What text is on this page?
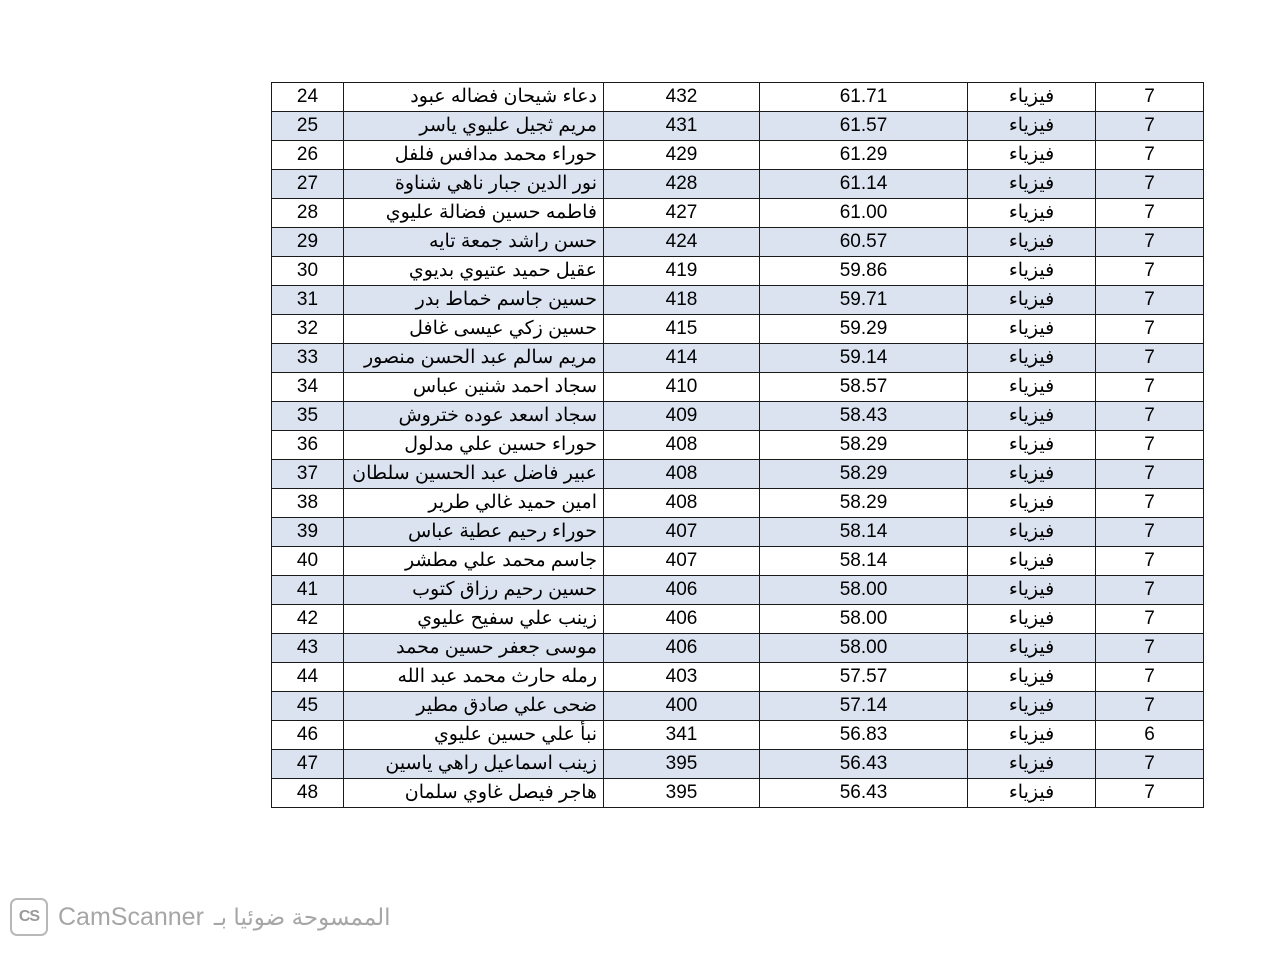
7	فيزياء	61.71	432	دعاء شيحان فضاله عبود	24
7	فيزياء	61.57	431	مريم ثجيل عليوي ياسر	25
7	فيزياء	61.29	429	حوراء محمد مدافس فلفل	26
7	فيزياء	61.14	428	نور الدين جبار ناهي شناوة	27
7	فيزياء	61.00	427	فاطمه حسين فضالة عليوي	28
7	فيزياء	60.57	424	حسن راشد جمعة تايه	29
7	فيزياء	59.86	419	عقيل حميد عتيوي بديوي	30
7	فيزياء	59.71	418	حسين جاسم خماط بدر	31
7	فيزياء	59.29	415	حسين زكي عيسى غافل	32
7	فيزياء	59.14	414	مريم سالم عبد الحسن منصور	33
7	فيزياء	58.57	410	سجاد احمد شنين عباس	34
7	فيزياء	58.43	409	سجاد اسعد عوده ختروش	35
7	فيزياء	58.29	408	حوراء حسين علي مدلول	36
7	فيزياء	58.29	408	عبير فاضل عبد الحسين سلطان	37
7	فيزياء	58.29	408	امين حميد غالي طرير	38
7	فيزياء	58.14	407	حوراء رحيم عطية عباس	39
7	فيزياء	58.14	407	جاسم محمد علي مطشر	40
7	فيزياء	58.00	406	حسين رحيم رزاق كتوب	41
7	فيزياء	58.00	406	زينب علي سفيح عليوي	42
7	فيزياء	58.00	406	موسى جعفر حسين محمد	43
7	فيزياء	57.57	403	رمله حارث محمد عبد الله	44
7	فيزياء	57.14	400	ضحى علي صادق مطير	45
6	فيزياء	56.83	341	نبأ علي حسين عليوي	46
7	فيزياء	56.43	395	زينب اسماعيل راهي ياسين	47
7	فيزياء	56.43	395	هاجر فيصل غاوي سلمان	48
CS CamScanner الممسوحة ضوئيا بـ
